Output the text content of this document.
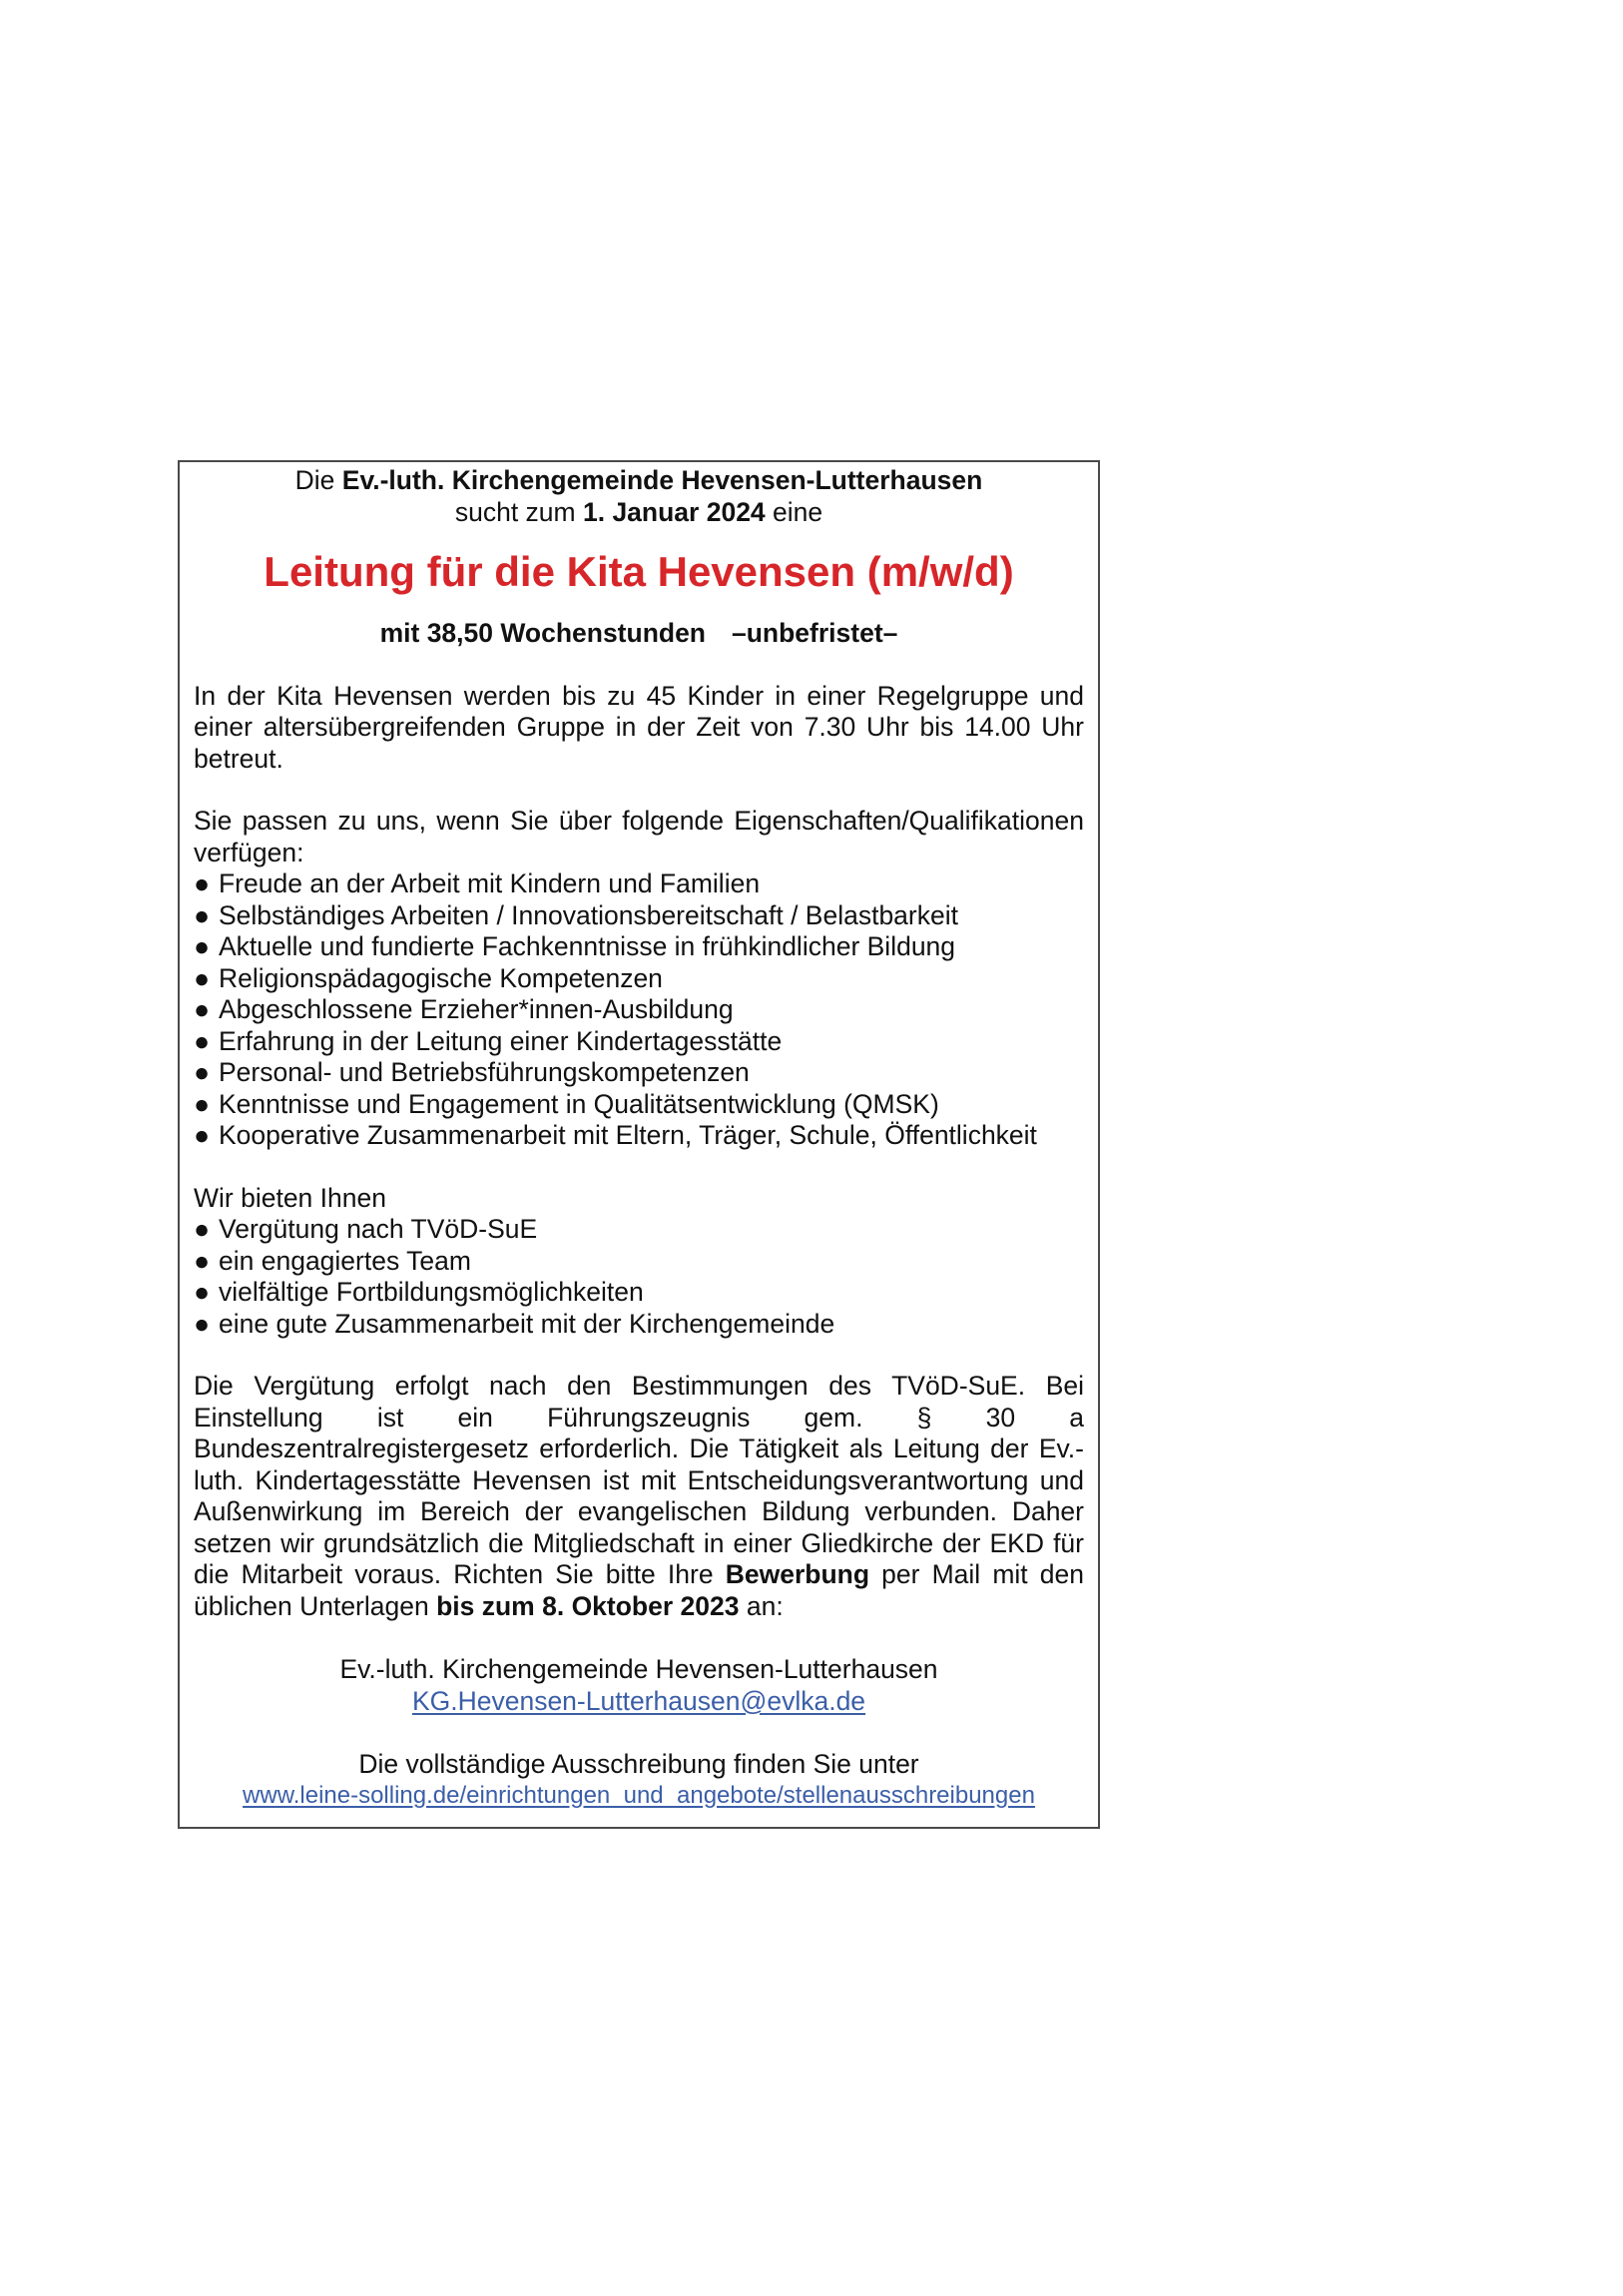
Die Ev.-luth. Kirchengemeinde Hevensen-Lutterhausen
sucht zum 1. Januar 2024 eine
Leitung für die Kita Hevensen (m/w/d)
mit 38,50 Wochenstunden –unbefristet–
In der Kita Hevensen werden bis zu 45 Kinder in einer Regelgruppe und einer altersübergreifenden Gruppe in der Zeit von 7.30 Uhr bis 14.00 Uhr betreut.
Sie passen zu uns, wenn Sie über folgende Eigenschaften/Qualifikationen verfügen:
● Freude an der Arbeit mit Kindern und Familien
● Selbständiges Arbeiten / Innovationsbereitschaft / Belastbarkeit
● Aktuelle und fundierte Fachkenntnisse in frühkindlicher Bildung
● Religionspädagogische Kompetenzen
● Abgeschlossene Erzieher*innen-Ausbildung
● Erfahrung in der Leitung einer Kindertagesstätte
● Personal- und Betriebsführungskompetenzen
● Kenntnisse und Engagement in Qualitätsentwicklung (QMSK)
● Kooperative Zusammenarbeit mit Eltern, Träger, Schule, Öffentlichkeit
Wir bieten Ihnen
● Vergütung nach TVöD-SuE
● ein engagiertes Team
● vielfältige Fortbildungsmöglichkeiten
● eine gute Zusammenarbeit mit der Kirchengemeinde
Die Vergütung erfolgt nach den Bestimmungen des TVöD-SuE. Bei Einstellung ist ein Führungszeugnis gem. § 30 a Bundeszentralregistergesetz erforderlich. Die Tätigkeit als Leitung der Ev.-luth. Kindertagesstätte Hevensen ist mit Entscheidungsverantwortung und Außenwirkung im Bereich der evangelischen Bildung verbunden. Daher setzen wir grundsätzlich die Mitgliedschaft in einer Gliedkirche der EKD für die Mitarbeit voraus. Richten Sie bitte Ihre Bewerbung per Mail mit den üblichen Unterlagen bis zum 8. Oktober 2023 an:
Ev.-luth. Kirchengemeinde Hevensen-Lutterhausen
KG.Hevensen-Lutterhausen@evlka.de
Die vollständige Ausschreibung finden Sie unter
www.leine-solling.de/einrichtungen_und_angebote/stellenausschreibungen
